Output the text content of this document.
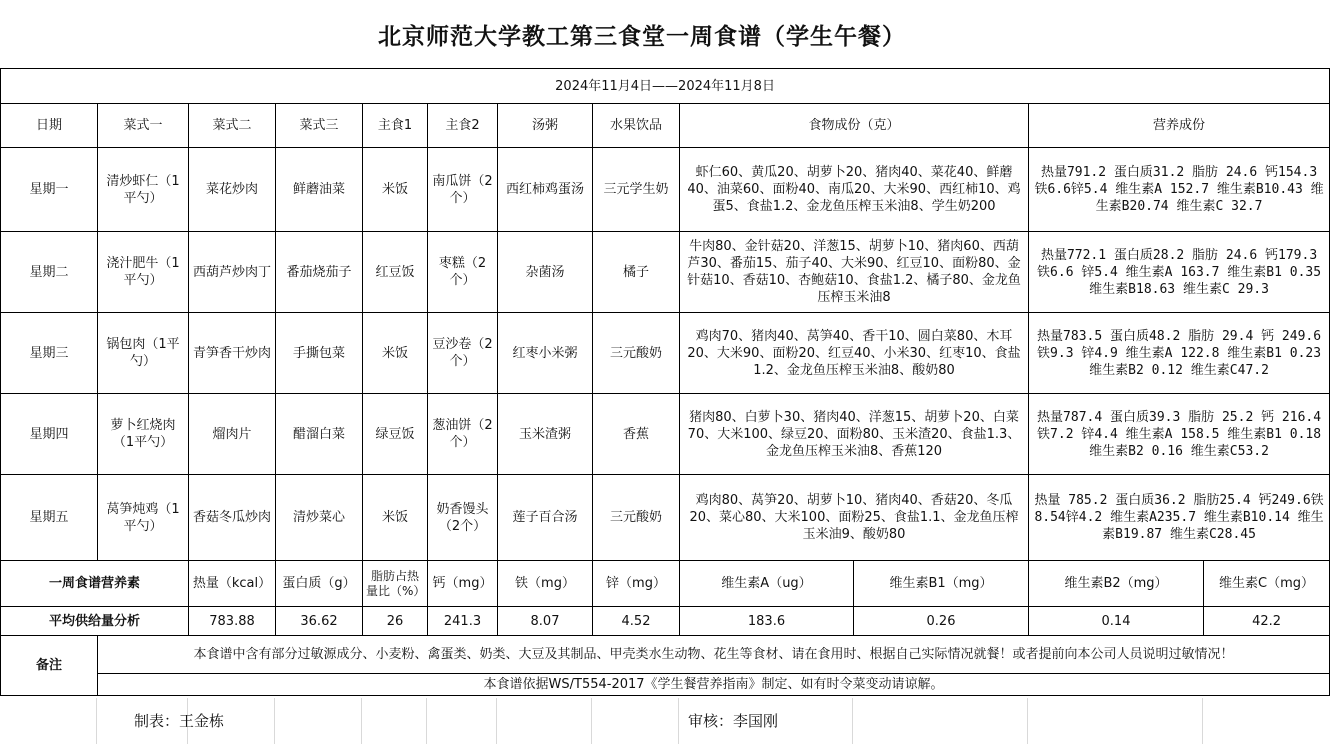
北京师范大学教工第三食堂一周食谱（学生午餐）
2024年11月4日——2024年11月8日											
日期	菜式一	菜式二	菜式三	主食1	主食2	汤粥	水果饮品	食物成份（克）		营养成份	
星期一	清炒虾仁（1平勺）	菜花炒肉	鲜蘑油菜	米饭	南瓜饼（2个）	西红柿鸡蛋汤	三元学生奶	虾仁60、黄瓜20、胡萝卜20、猪肉40、菜花40、鲜蘑40、油菜60、面粉40、南瓜20、大米90、西红柿10、鸡蛋5、食盐1.2、金龙鱼压榨玉米油8、学生奶200		热量791.2 蛋白质31.2 脂肪 24.6 钙154.3 铁6.6锌5.4 维生素A 152.7 维生素B10.43 维生素B20.74 维生素C 32.7	
星期二	浇汁肥牛（1平勺）	西葫芦炒肉丁	番茄烧茄子	红豆饭	枣糕（2个）	杂菌汤	橘子	牛肉80、金针菇20、洋葱15、胡萝卜10、猪肉60、西葫芦30、番茄15、茄子40、大米90、红豆10、面粉80、金针菇10、香菇10、杏鲍菇10、食盐1.2、橘子80、金龙鱼压榨玉米油8		热量772.1 蛋白质28.2 脂肪 24.6 钙179.3 铁6.6 锌5.4 维生素A 163.7 维生素B1 0.35 维生素B18.63 维生素C 29.3	
星期三	锅包肉（1平勺）	青笋香干炒肉	手撕包菜	米饭	豆沙卷（2个）	红枣小米粥	三元酸奶	鸡肉70、猪肉40、莴笋40、香干10、圆白菜80、木耳20、大米90、面粉20、红豆40、小米30、红枣10、食盐1.2、金龙鱼压榨玉米油8、酸奶80		热量783.5 蛋白质48.2 脂肪 29.4 钙 249.6 铁9.3 锌4.9 维生素A 122.8 维生素B1 0.23 维生素B2 0.12 维生素C47.2	
星期四	萝卜红烧肉（1平勺）	熘肉片	醋溜白菜	绿豆饭	葱油饼（2个）	玉米渣粥	香蕉	猪肉80、白萝卜30、猪肉40、洋葱15、胡萝卜20、白菜70、大米100、绿豆20、面粉80、玉米渣20、食盐1.3、金龙鱼压榨玉米油8、香蕉120		热量787.4 蛋白质39.3 脂肪 25.2 钙 216.4 铁7.2 锌4.4 维生素A 158.5 维生素B1 0.18 维生素B2 0.16 维生素C53.2	
星期五	莴笋炖鸡（1平勺）	香菇冬瓜炒肉	清炒菜心	米饭	奶香馒头（2个）	莲子百合汤	三元酸奶	鸡肉80、莴笋20、胡萝卜10、猪肉40、香菇20、冬瓜20、菜心80、大米100、面粉25、食盐1.1、金龙鱼压榨玉米油9、酸奶80		热量 785.2 蛋白质36.2 脂肪25.4 钙249.6铁8.54锌4.2 维生素A235.7 维生素B10.14 维生素B19.87 维生素C28.45	
一周食谱营养素		热量（kcal）	蛋白质（g）	脂肪占热量比（%）	钙（mg）	铁（mg）	锌（mg）	维生素A（ug）	维生素B1（mg）	维生素B2（mg）	维生素C（mg）
平均供给量分析		783.88	36.62	26	241.3	8.07	4.52	183.6	0.26	0.14	42.2
备注	本食谱中含有部分过敏源成分、小麦粉、禽蛋类、奶类、大豆及其制品、甲壳类水生动物、花生等食材、请在食用时、根据自己实际情况就餐！或者提前向本公司人员说明过敏情况！										
	本食谱依据WS/T554-2017《学生餐营养指南》制定、如有时令菜变动请谅解。										
制表：王金栋	审核：李国刚
